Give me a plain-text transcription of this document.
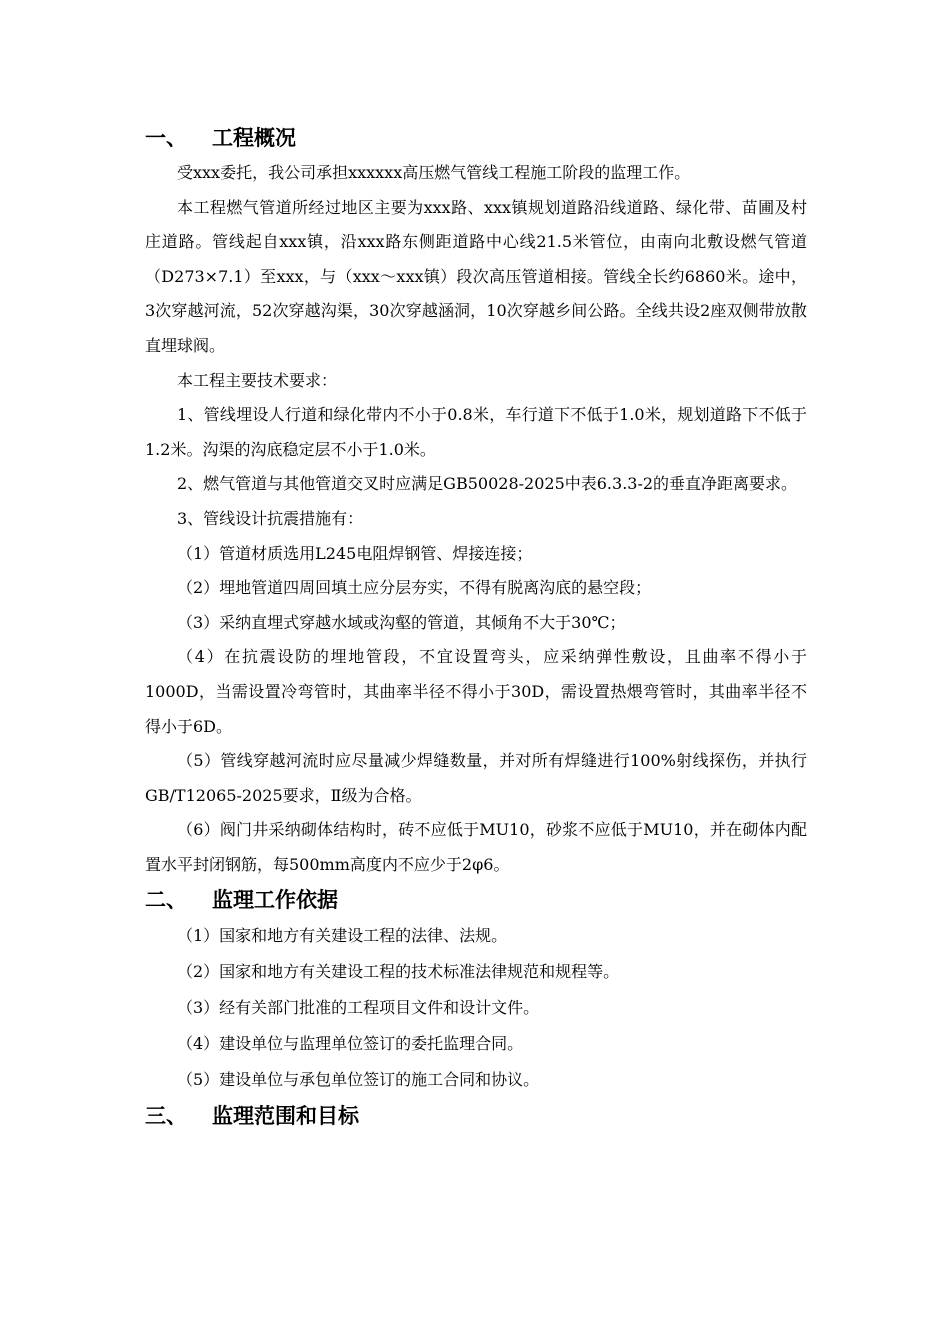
一、	工程概况

受xxx委托，我公司承担xxxxxx高压燃气管线工程施工阶段的监理工作。

本工程燃气管道所经过地区主要为xxx路、xxx镇规划道路沿线道路、绿化带、苗圃及村庄道路。管线起自xxx镇，沿xxx路东侧距道路中心线21.5米管位，由南向北敷设燃气管道（D273×7.1）至xxx，与（xxx～xxx镇）段次高压管道相接。管线全长约6860米。途中，3次穿越河流，52次穿越沟渠，30次穿越涵洞，10次穿越乡间公路。全线共设2座双侧带放散直埋球阀。

本工程主要技术要求：

1、管线埋设人行道和绿化带内不小于0.8米，车行道下不低于1.0米，规划道路下不低于1.2米。沟渠的沟底稳定层不小于1.0米。

2、燃气管道与其他管道交叉时应满足GB50028-2025中表6.3.3-2的垂直净距离要求。

3、管线设计抗震措施有：

（1）管道材质选用L245电阻焊钢管、焊接连接；

（2）埋地管道四周回填土应分层夯实，不得有脱离沟底的悬空段；

（3）采纳直埋式穿越水域或沟壑的管道，其倾角不大于30℃；

（4）在抗震设防的埋地管段，不宜设置弯头，应采纳弹性敷设，且曲率不得小于1000D，当需设置冷弯管时，其曲率半径不得小于30D，需设置热煨弯管时，其曲率半径不得小于6D。

（5）管线穿越河流时应尽量减少焊缝数量，并对所有焊缝进行100%射线探伤，并执行 GB/T12065-2025要求，Ⅱ级为合格。

（6）阀门井采纳砌体结构时，砖不应低于MU10，砂浆不应低于MU10，并在砌体内配置水平封闭钢筋，每500mm高度内不应少于2φ6。

二、	监理工作依据

（1）国家和地方有关建设工程的法律、法规。

（2）国家和地方有关建设工程的技术标准法律规范和规程等。

（3）经有关部门批准的工程项目文件和设计文件。

（4）建设单位与监理单位签订的委托监理合同。

（5）建设单位与承包单位签订的施工合同和协议。

三、	监理范围和目标
